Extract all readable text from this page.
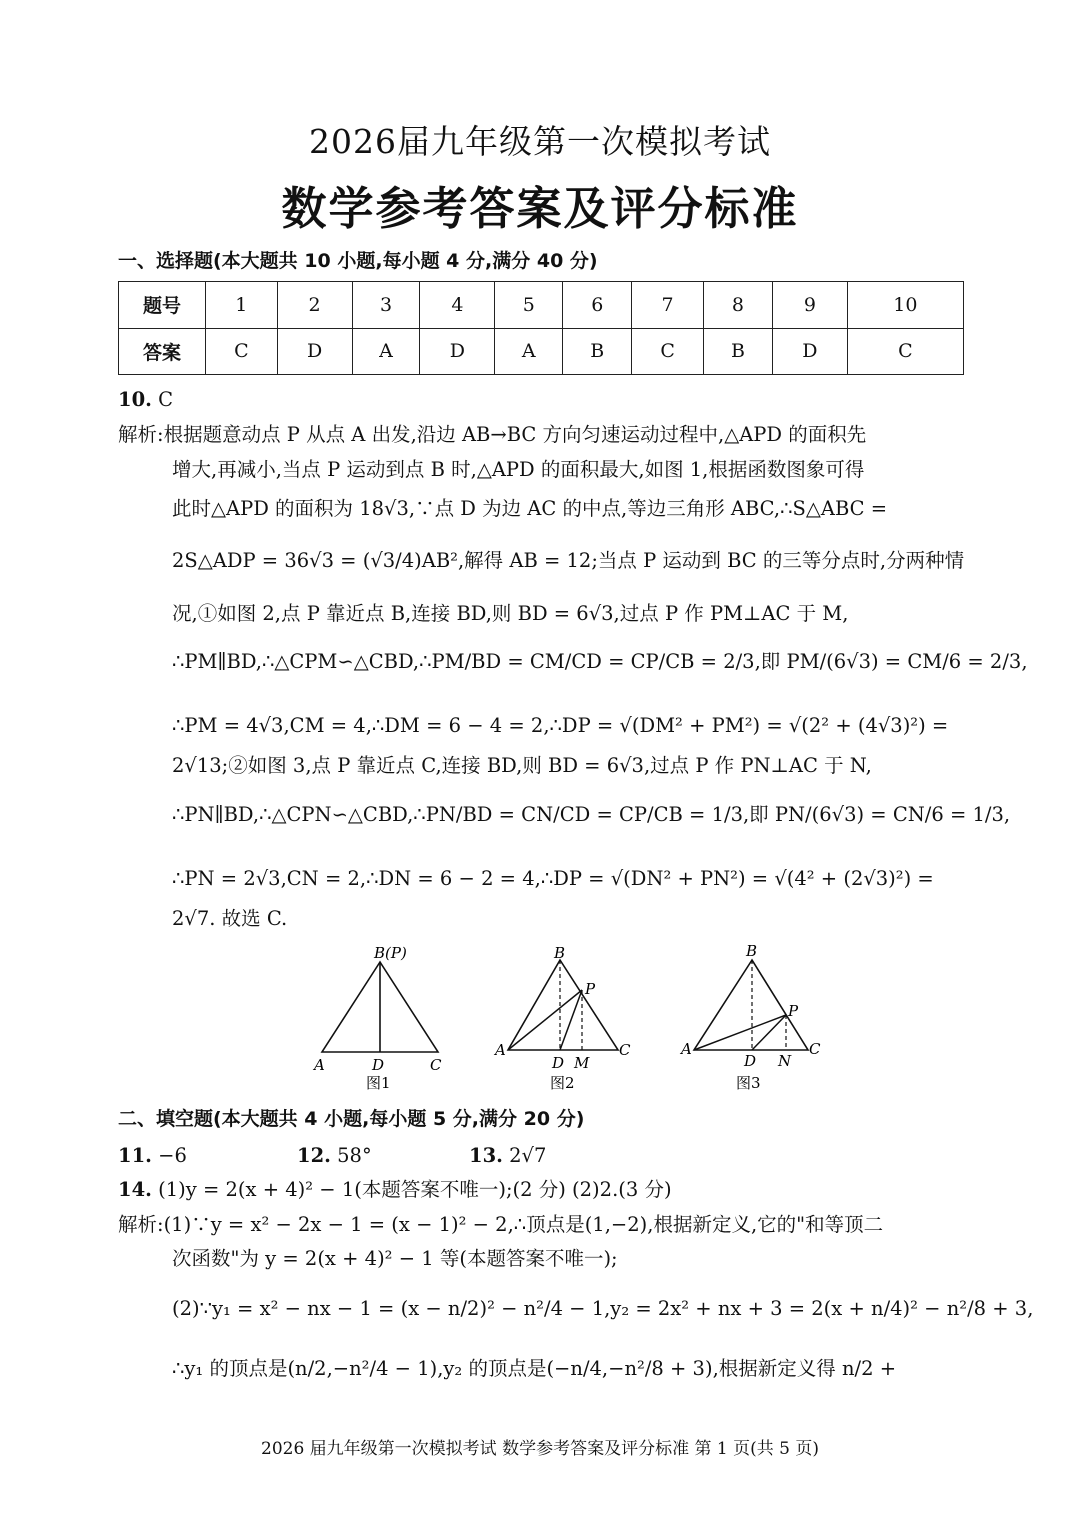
2026届九年级第一次模拟考试
数学参考答案及评分标准
一、选择题(本大题共 10 小题,每小题 4 分,满分 40 分)
题号	1	2	3	4	5	6	7	8	9	10
答案	C	D	A	D	A	B	C	B	D	C
10. C
解析:根据题意动点 P 从点 A 出发,沿边 AB→BC 方向匀速运动过程中,△APD 的面积先
增大,再减小,当点 P 运动到点 B 时,△APD 的面积最大,如图 1,根据函数图象可得
此时△APD 的面积为 18√3,∵点 D 为边 AC 的中点,等边三角形 ABC,∴S△ABC =
2S△ADP = 36√3 = (√3/4)AB²,解得 AB = 12;当点 P 运动到 BC 的三等分点时,分两种情
况,①如图 2,点 P 靠近点 B,连接 BD,则 BD = 6√3,过点 P 作 PM⊥AC 于 M,
∴PM∥BD,∴△CPM∽△CBD,∴PM/BD = CM/CD = CP/CB = 2/3,即 PM/(6√3) = CM/6 = 2/3,
∴PM = 4√3,CM = 4,∴DM = 6 − 4 = 2,∴DP = √(DM² + PM²) = √(2² + (4√3)²) =
2√13;②如图 3,点 P 靠近点 C,连接 BD,则 BD = 6√3,过点 P 作 PN⊥AC 于 N,
∴PN∥BD,∴△CPN∽△CBD,∴PN/BD = CN/CD = CP/CB = 1/3,即 PN/(6√3) = CN/6 = 1/3,
∴PN = 2√3,CN = 2,∴DN = 6 − 2 = 4,∴DP = √(DN² + PN²) = √(4² + (2√3)²) =
2√7. 故选 C.
B(P)
A	D	C
图1
B
P
A
D M
C
图2
B
P
A
D N
C
图3
二、填空题(本大题共 4 小题,每小题 5 分,满分 20 分)
11. −6	12. 58°	13. 2√7
14. (1)y = 2(x + 4)² − 1(本题答案不唯一);(2 分) (2)2.(3 分)
解析:(1)∵y = x² − 2x − 1 = (x − 1)² − 2,∴顶点是(1,−2),根据新定义,它的"和等顶二
次函数"为 y = 2(x + 4)² − 1 等(本题答案不唯一);
(2)∵y₁ = x² − nx − 1 = (x − n/2)² − n²/4 − 1,y₂ = 2x² + nx + 3 = 2(x + n/4)² − n²/8 + 3,
∴y₁ 的顶点是(n/2,−n²/4 − 1),y₂ 的顶点是(−n/4,−n²/8 + 3),根据新定义得 n/2 +
2026 届九年级第一次模拟考试 数学参考答案及评分标准 第 1 页(共 5 页)
